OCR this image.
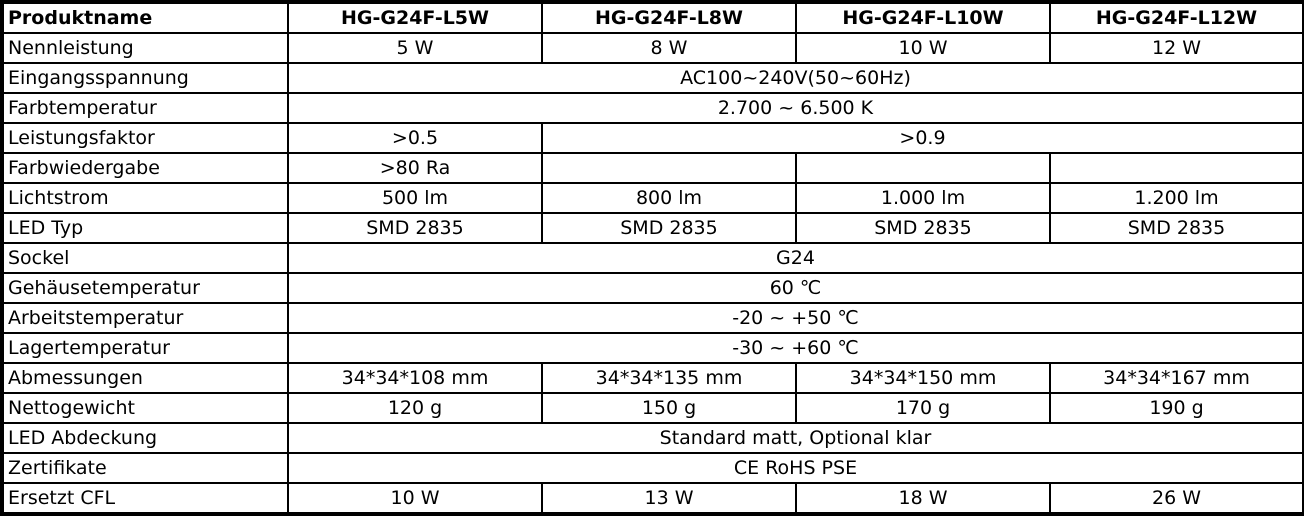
Produktname	HG-G24F-L5W	HG-G24F-L8W	HG-G24F-L10W	HG-G24F-L12W
Nennleistung	5 W	8 W	10 W	12 W
Eingangsspannung	AC100~240V(50~60Hz)			
Farbtemperatur	2.700 ~ 6.500 K			
Leistungsfaktor	>0.5	>0.9		
Farbwiedergabe	>80 Ra			
Lichtstrom	500 lm	800 lm	1.000 lm	1.200 lm
LED Typ	SMD 2835	SMD 2835	SMD 2835	SMD 2835
Sockel	G24			
Gehäusetemperatur	60 ℃			
Arbeitstemperatur	-20 ~ +50 ℃			
Lagertemperatur	-30 ~ +60 ℃			
Abmessungen	34*34*108 mm	34*34*135 mm	34*34*150 mm	34*34*167 mm
Nettogewicht	120 g	150 g	170 g	190 g
LED Abdeckung	Standard matt, Optional klar			
Zertifikate	CE RoHS PSE			
Ersetzt CFL	10 W	13 W	18 W	26 W
